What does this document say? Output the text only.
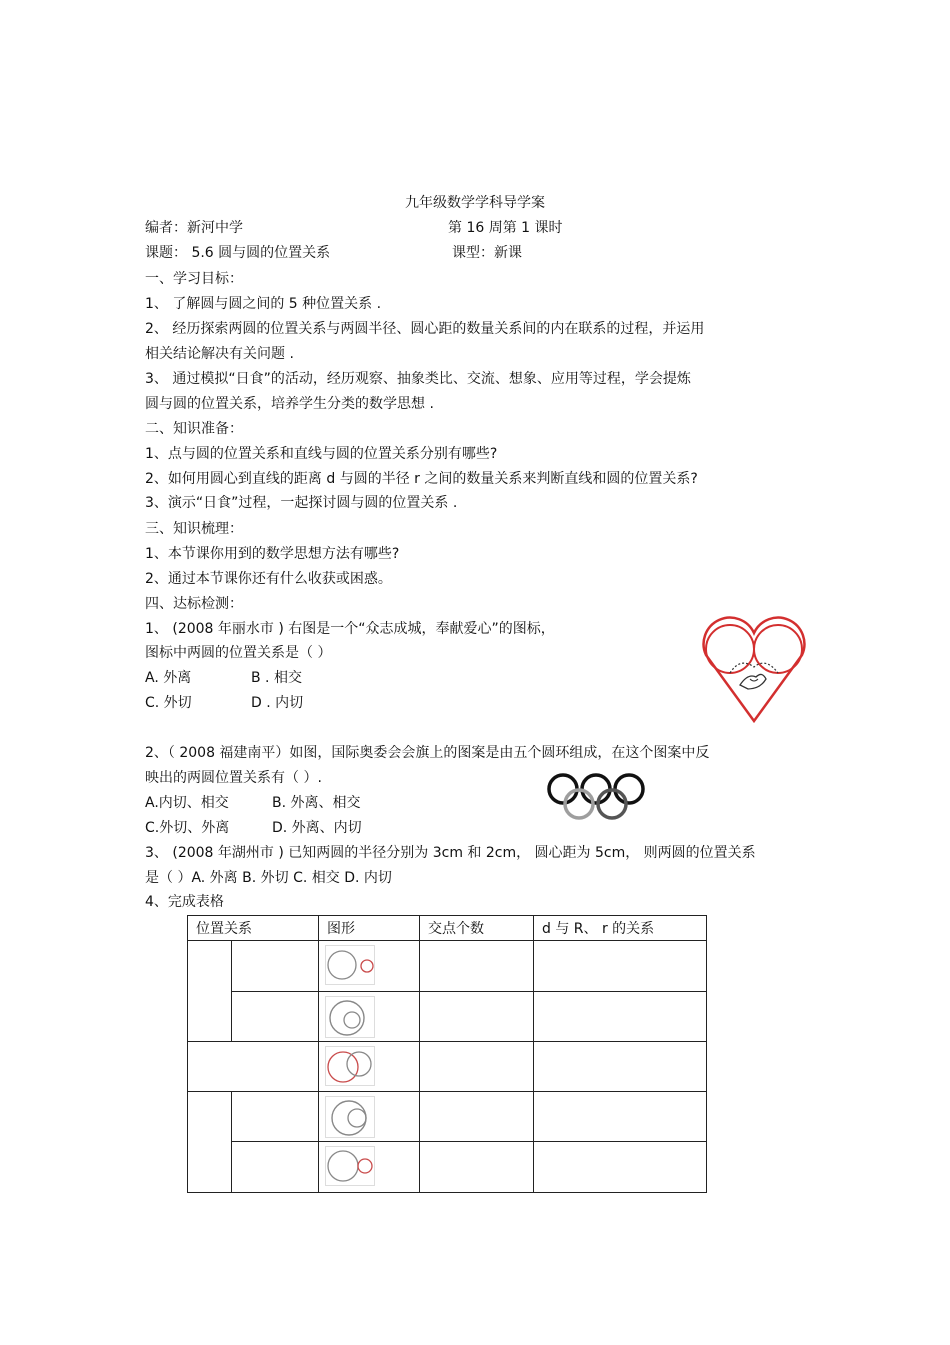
九年级数学学科导学案
编者：新河中学	第 16 周第 1 课时
课题： 5.6 圆与圆的位置关系	课型：新课
一、学习目标：
1、 了解圆与圆之间的 5 种位置关系 .
2、 经历探索两圆的位置关系与两圆半径、圆心距的数量关系间的内在联系的过程，并运用
相关结论解决有关问题 .
3、 通过模拟“日食”的活动，经历观察、抽象类比、交流、想象、应用等过程，学会提炼
圆与圆的位置关系，培养学生分类的数学思想 .
二、知识准备：
1、点与圆的位置关系和直线与圆的位置关系分别有哪些?
2、如何用圆心到直线的距离 d 与圆的半径 r 之间的数量关系来判断直线和圆的位置关系?
3、演示“日食”过程，一起探讨圆与圆的位置关系 .
三、知识梳理：
1、本节课你用到的数学思想方法有哪些?
2、通过本节课你还有什么收获或困惑。
四、达标检测：
1、 (2008 年丽水市 ) 右图是一个“众志成城，奉献爱心”的图标，
图标中两圆的位置关系是（ ）
A. 外离	B . 相交
C. 外切	D . 内切
2、（ 2008 福建南平）如图，国际奥委会会旗上的图案是由五个圆环组成，在这个图案中反
映出的两圆位置关系有（ ）.
A.内切、相交	B. 外离、相交
C.外切、外离	D. 外离、内切
3、 (2008 年湖州市 ) 已知两圆的半径分别为 3cm 和 2cm， 圆心距为 5cm， 则两圆的位置关系
是（ ）A. 外离 B. 外切 C. 相交 D. 内切
4、完成表格
位置关系		图形	交点个数	d 与 R、 r 的关系
